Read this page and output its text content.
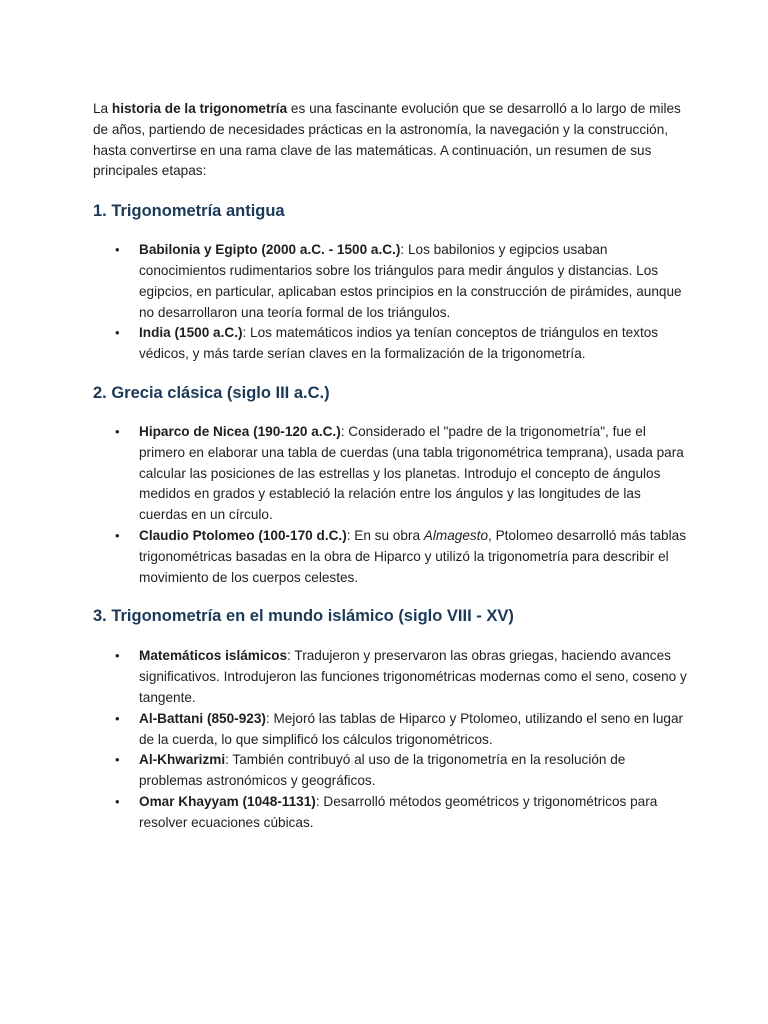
La historia de la trigonometría es una fascinante evolución que se desarrolló a lo largo de miles de años, partiendo de necesidades prácticas en la astronomía, la navegación y la construcción, hasta convertirse en una rama clave de las matemáticas. A continuación, un resumen de sus principales etapas:

1. Trigonometría antigua
• Babilonia y Egipto (2000 a.C. - 1500 a.C.): Los babilonios y egipcios usaban conocimientos rudimentarios sobre los triángulos para medir ángulos y distancias. Los egipcios, en particular, aplicaban estos principios en la construcción de pirámides, aunque no desarrollaron una teoría formal de los triángulos.
• India (1500 a.C.): Los matemáticos indios ya tenían conceptos de triángulos en textos védicos, y más tarde serían claves en la formalización de la trigonometría.
2. Grecia clásica (siglo III a.C.)
• Hiparco de Nicea (190-120 a.C.): Considerado el "padre de la trigonometría", fue el primero en elaborar una tabla de cuerdas (una tabla trigonométrica temprana), usada para calcular las posiciones de las estrellas y los planetas. Introdujo el concepto de ángulos medidos en grados y estableció la relación entre los ángulos y las longitudes de las cuerdas en un círculo.
• Claudio Ptolomeo (100-170 d.C.): En su obra Almagesto, Ptolomeo desarrolló más tablas trigonométricas basadas en la obra de Hiparco y utilizó la trigonometría para describir el movimiento de los cuerpos celestes.
3. Trigonometría en el mundo islámico (siglo VIII - XV)
• Matemáticos islámicos: Tradujeron y preservaron las obras griegas, haciendo avances significativos. Introdujeron las funciones trigonométricas modernas como el seno, coseno y tangente.
• Al-Battani (850-923): Mejoró las tablas de Hiparco y Ptolomeo, utilizando el seno en lugar de la cuerda, lo que simplificó los cálculos trigonométricos.
• Al-Khwarizmi: También contribuyó al uso de la trigonometría en la resolución de problemas astronómicos y geográficos.
• Omar Khayyam (1048-1131): Desarrolló métodos geométricos y trigonométricos para resolver ecuaciones cúbicas.
